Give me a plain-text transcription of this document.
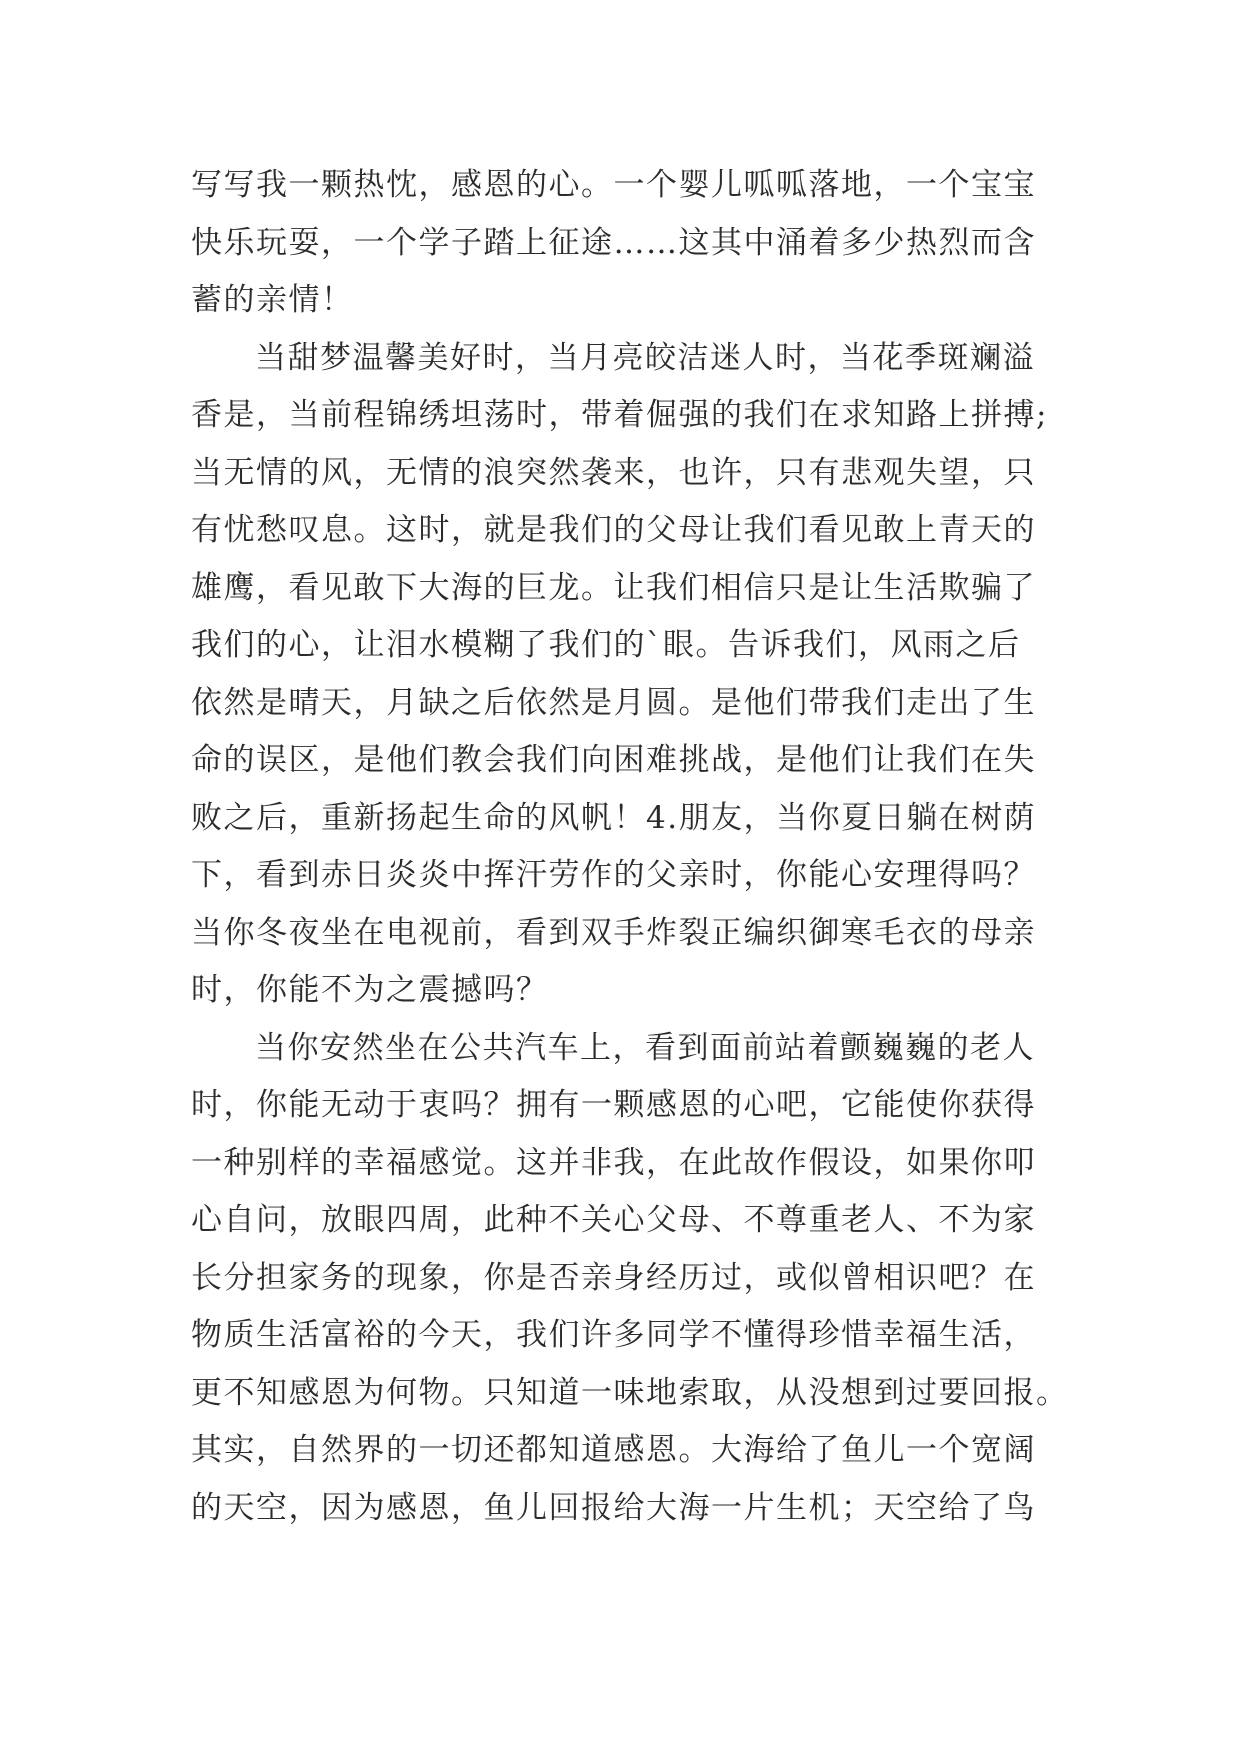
写写我一颗热忱，感恩的心。一个婴儿呱呱落地，一个宝宝
快乐玩耍，一个学子踏上征途……这其中涌着多少热烈而含
蓄的亲情！
当甜梦温馨美好时，当月亮皎洁迷人时，当花季斑斓溢
香是，当前程锦绣坦荡时，带着倔强的我们在求知路上拼搏;
当无情的风，无情的浪突然袭来，也许，只有悲观失望，只
有忧愁叹息。这时，就是我们的父母让我们看见敢上青天的
雄鹰，看见敢下大海的巨龙。让我们相信只是让生活欺骗了
我们的心，让泪水模糊了我们的`眼。告诉我们，风雨之后
依然是晴天，月缺之后依然是月圆。是他们带我们走出了生
命的误区，是他们教会我们向困难挑战，是他们让我们在失
败之后，重新扬起生命的风帆！4.朋友，当你夏日躺在树荫
下，看到赤日炎炎中挥汗劳作的父亲时，你能心安理得吗？
当你冬夜坐在电视前，看到双手炸裂正编织御寒毛衣的母亲
时，你能不为之震撼吗？
当你安然坐在公共汽车上，看到面前站着颤巍巍的老人
时，你能无动于衷吗？拥有一颗感恩的心吧，它能使你获得
一种别样的幸福感觉。这并非我，在此故作假设，如果你叩
心自问，放眼四周，此种不关心父母、不尊重老人、不为家
长分担家务的现象，你是否亲身经历过，或似曾相识吧？在
物质生活富裕的今天，我们许多同学不懂得珍惜幸福生活，
更不知感恩为何物。只知道一味地索取，从没想到过要回报。
其实，自然界的一切还都知道感恩。大海给了鱼儿一个宽阔
的天空，因为感恩，鱼儿回报给大海一片生机；天空给了鸟
